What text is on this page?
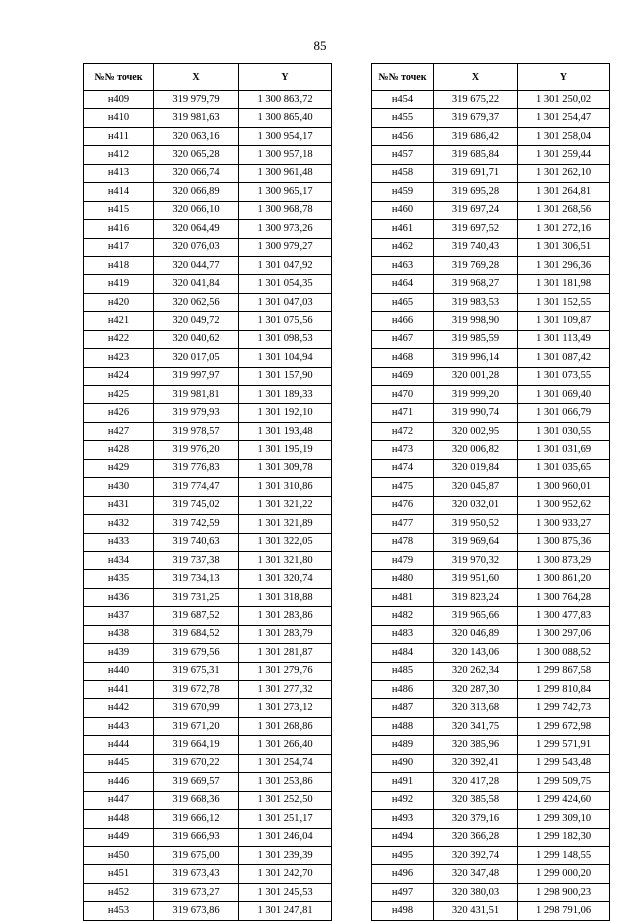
85
№№ точек	X	Y
н409	319 979,79	1 300 863,72
н410	319 981,63	1 300 865,40
н411	320 063,16	1 300 954,17
н412	320 065,28	1 300 957,18
н413	320 066,74	1 300 961,48
н414	320 066,89	1 300 965,17
н415	320 066,10	1 300 968,78
н416	320 064,49	1 300 973,26
н417	320 076,03	1 300 979,27
н418	320 044,77	1 301 047,92
н419	320 041,84	1 301 054,35
н420	320 062,56	1 301 047,03
н421	320 049,72	1 301 075,56
н422	320 040,62	1 301 098,53
н423	320 017,05	1 301 104,94
н424	319 997,97	1 301 157,90
н425	319 981,81	1 301 189,33
н426	319 979,93	1 301 192,10
н427	319 978,57	1 301 193,48
н428	319 976,20	1 301 195,19
н429	319 776,83	1 301 309,78
н430	319 774,47	1 301 310,86
н431	319 745,02	1 301 321,22
н432	319 742,59	1 301 321,89
н433	319 740,63	1 301 322,05
н434	319 737,38	1 301 321,80
н435	319 734,13	1 301 320,74
н436	319 731,25	1 301 318,88
н437	319 687,52	1 301 283,86
н438	319 684,52	1 301 283,79
н439	319 679,56	1 301 281,87
н440	319 675,31	1 301 279,76
н441	319 672,78	1 301 277,32
н442	319 670,99	1 301 273,12
н443	319 671,20	1 301 268,86
н444	319 664,19	1 301 266,40
н445	319 670,22	1 301 254,74
н446	319 669,57	1 301 253,86
н447	319 668,36	1 301 252,50
н448	319 666,12	1 301 251,17
н449	319 666,93	1 301 246,04
н450	319 675,00	1 301 239,39
н451	319 673,43	1 301 242,70
н452	319 673,27	1 301 245,53
н453	319 673,86	1 301 247,81
№№ точек	X	Y
н454	319 675,22	1 301 250,02
н455	319 679,37	1 301 254,47
н456	319 686,42	1 301 258,04
н457	319 685,84	1 301 259,44
н458	319 691,71	1 301 262,10
н459	319 695,28	1 301 264,81
н460	319 697,24	1 301 268,56
н461	319 697,52	1 301 272,16
н462	319 740,43	1 301 306,51
н463	319 769,28	1 301 296,36
н464	319 968,27	1 301 181,98
н465	319 983,53	1 301 152,55
н466	319 998,90	1 301 109,87
н467	319 985,59	1 301 113,49
н468	319 996,14	1 301 087,42
н469	320 001,28	1 301 073,55
н470	319 999,20	1 301 069,40
н471	319 990,74	1 301 066,79
н472	320 002,95	1 301 030,55
н473	320 006,82	1 301 031,69
н474	320 019,84	1 301 035,65
н475	320 045,87	1 300 960,01
н476	320 032,01	1 300 952,62
н477	319 950,52	1 300 933,27
н478	319 969,64	1 300 875,36
н479	319 970,32	1 300 873,29
н480	319 951,60	1 300 861,20
н481	319 823,24	1 300 764,28
н482	319 965,66	1 300 477,83
н483	320 046,89	1 300 297,06
н484	320 143,06	1 300 088,52
н485	320 262,34	1 299 867,58
н486	320 287,30	1 299 810,84
н487	320 313,68	1 299 742,73
н488	320 341,75	1 299 672,98
н489	320 385,96	1 299 571,91
н490	320 392,41	1 299 543,48
н491	320 417,28	1 299 509,75
н492	320 385,58	1 299 424,60
н493	320 379,16	1 299 309,10
н494	320 366,28	1 299 182,30
н495	320 392,74	1 299 148,55
н496	320 347,48	1 299 000,20
н497	320 380,03	1 298 900,23
н498	320 431,51	1 298 791,06
